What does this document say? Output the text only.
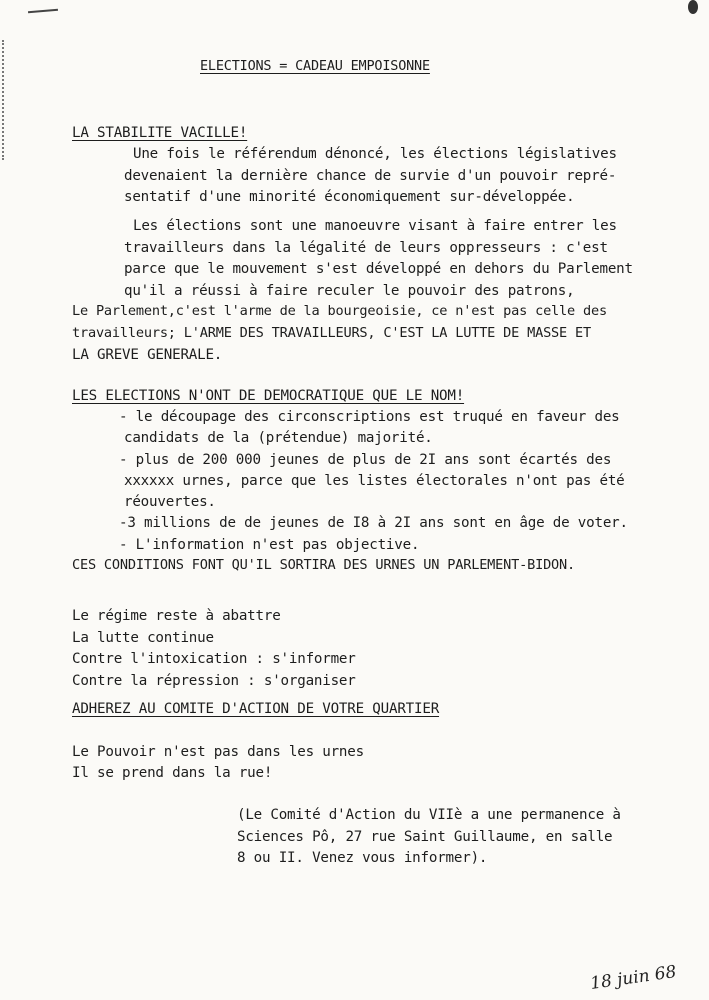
ELECTIONS = CADEAU EMPOISONNE
LA STABILITE VACILLE!
Une fois le référendum dénoncé, les élections législatives
devenaient la dernière chance de survie d'un pouvoir repré-
sentatif d'une minorité économiquement sur-développée.
Les élections sont une manoeuvre visant à faire entrer les
travailleurs dans la légalité de leurs oppresseurs : c'est
parce que le mouvement s'est développé en dehors du Parlement
qu'il a réussi à faire reculer le pouvoir des patrons,
Le Parlement,c'est l'arme de la bourgeoisie, ce n'est pas celle des
travailleurs; L'ARME DES TRAVAILLEURS, C'EST LA LUTTE DE MASSE ET
LA GREVE GENERALE.
LES ELECTIONS N'ONT DE DEMOCRATIQUE QUE LE NOM!
- le découpage des circonscriptions est truqué en faveur des
candidats de la (prétendue) majorité.
- plus de 200 000 jeunes de plus de 2I ans sont écartés des
xxxxxx urnes, parce que les listes électorales n'ont pas été
réouvertes.
-3 millions de de jeunes de I8 à 2I ans sont en âge de voter.
- L'information n'est pas objective.
CES CONDITIONS FONT QU'IL SORTIRA DES URNES UN PARLEMENT-BIDON.
Le régime reste à abattre
La lutte continue
Contre l'intoxication : s'informer
Contre la répression : s'organiser
ADHEREZ AU COMITE D'ACTION DE VOTRE QUARTIER
Le Pouvoir n'est pas dans les urnes
Il se prend dans la rue!
(Le Comité d'Action du VIIè a une permanence à
Sciences Pô, 27 rue Saint Guillaume, en salle
8 ou II. Venez vous informer).
18 juin 68
